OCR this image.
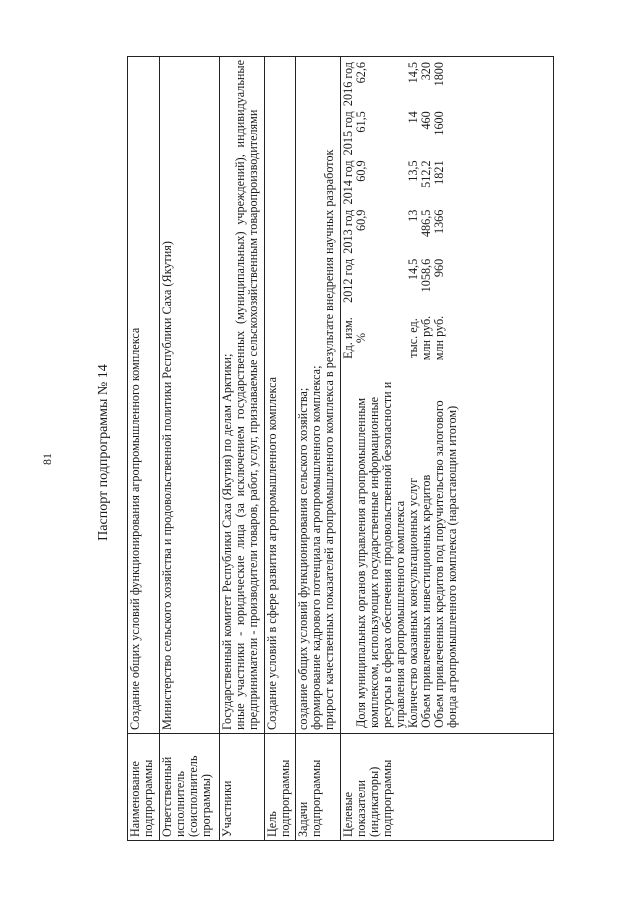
81	Паспорт подпрограммы № 14
Наименование подпрограммы	
Создание общих условий функционирования агропромышленного комплекса

Ответственный исполнитель (соисполнитель программы)	
Министерство сельского хозяйства и продовольственной политики Республики Саха (Якутия)

Участники	
Государственный комитет Республики Саха (Якутия) по делам Арктики; иные участники - юридические лица (за исключением государственных (муниципальных) учреждений), индивидуальные предприниматели - производители товаров, работ, услуг, признаваемые сельскохозяйственным товаропроизводителями

Цель подпрограммы	
Создание условий в сфере развития агропромышленного комплекса

Задачи подпрограммы	
создание общих условий функционирования сельского хозяйства; формирование кадрового потенциала агропромышленного комплекса; прирост качественных показателей агропромышленного комплекса в результате внедрения научных разработок

Целевые показатели (индикаторы) подпрограммы	
	Ед. изм.	2012 год	2013 год	2014 год	2015 год	2016 год
Доля муниципальных органов управления агропромышленным комплексом, использующих государственные информационные ресурсы в сферах обеспечения продовольственной безопасности и управления агропромышленного комплекса	%		60,9	60,9	61,5	62,6
Количество оказанных консультационных услуг	тыс. ед.	14,5	13	13,5	14	14,5
Объем привлеченных инвестиционных кредитов	млн руб.	1058,6	486,5	512,2	460	320
Объем привлеченных кредитов под поручительство залогового фонда агропромышленного комплекса (нарастающим итогом)	млн руб.	960	1366	1821	1600	1800
